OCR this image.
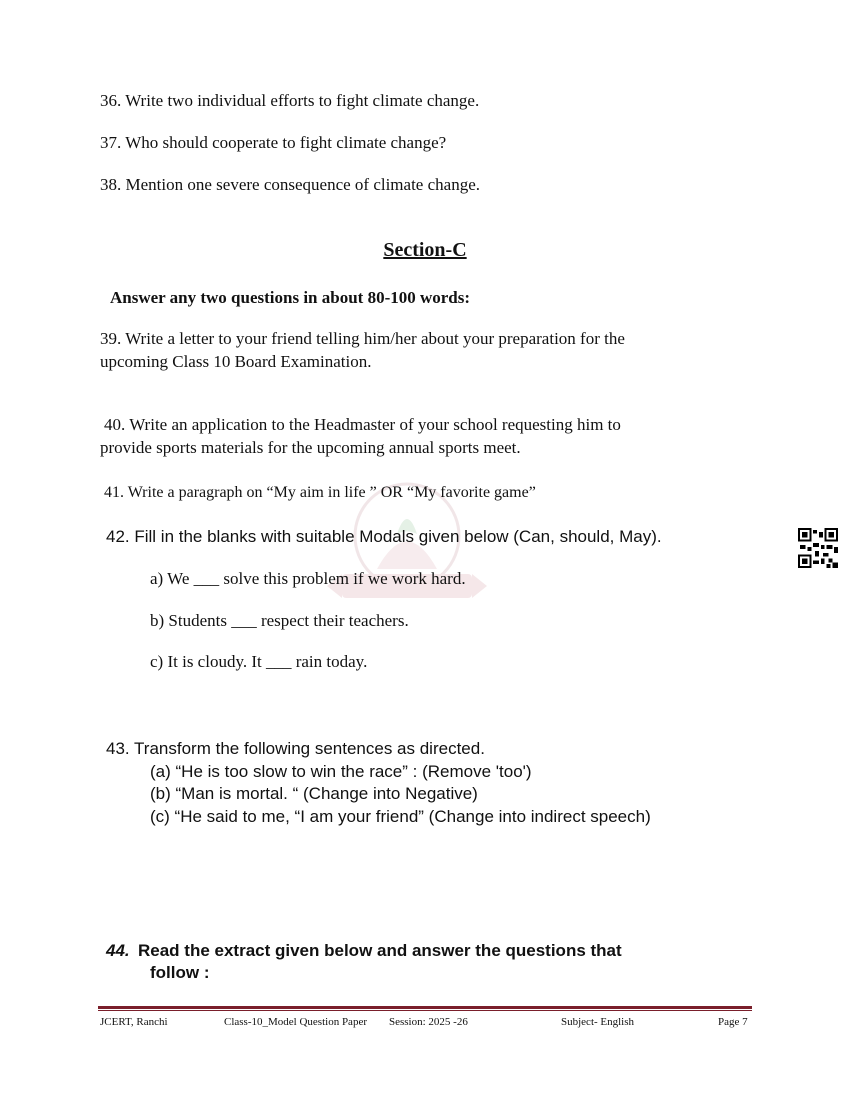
36. Write two individual efforts to fight climate change.

37. Who should cooperate to fight climate change?

38. Mention one severe consequence of climate change.

Section-C

Answer any two questions in about 80-100 words:

39. Write a letter to your friend telling him/her about your preparation for the

upcoming Class 10 Board Examination.

40. Write an application to the Headmaster of your school requesting him to

provide sports materials for the upcoming annual sports meet.

41. Write a paragraph on “My aim in life ” OR “My favorite game”

42. Fill in the blanks with suitable Modals given below (Can, should, May).

a) We ___ solve this problem if we work hard.

b) Students ___ respect their teachers.

c) It is cloudy. It ___ rain today.

43. Transform the following sentences as directed.

(a) “He is too slow to win the race” : (Remove 'too')

(b) “Man is mortal. “ (Change into Negative)

(c) “He said to me, “I am your friend” (Change into indirect speech)

44. Read the extract given below and answer the questions that

follow :

JCERT, Ranchi	Class-10_Model Question Paper Session: 2025 -26	Subject- English	Page 7
